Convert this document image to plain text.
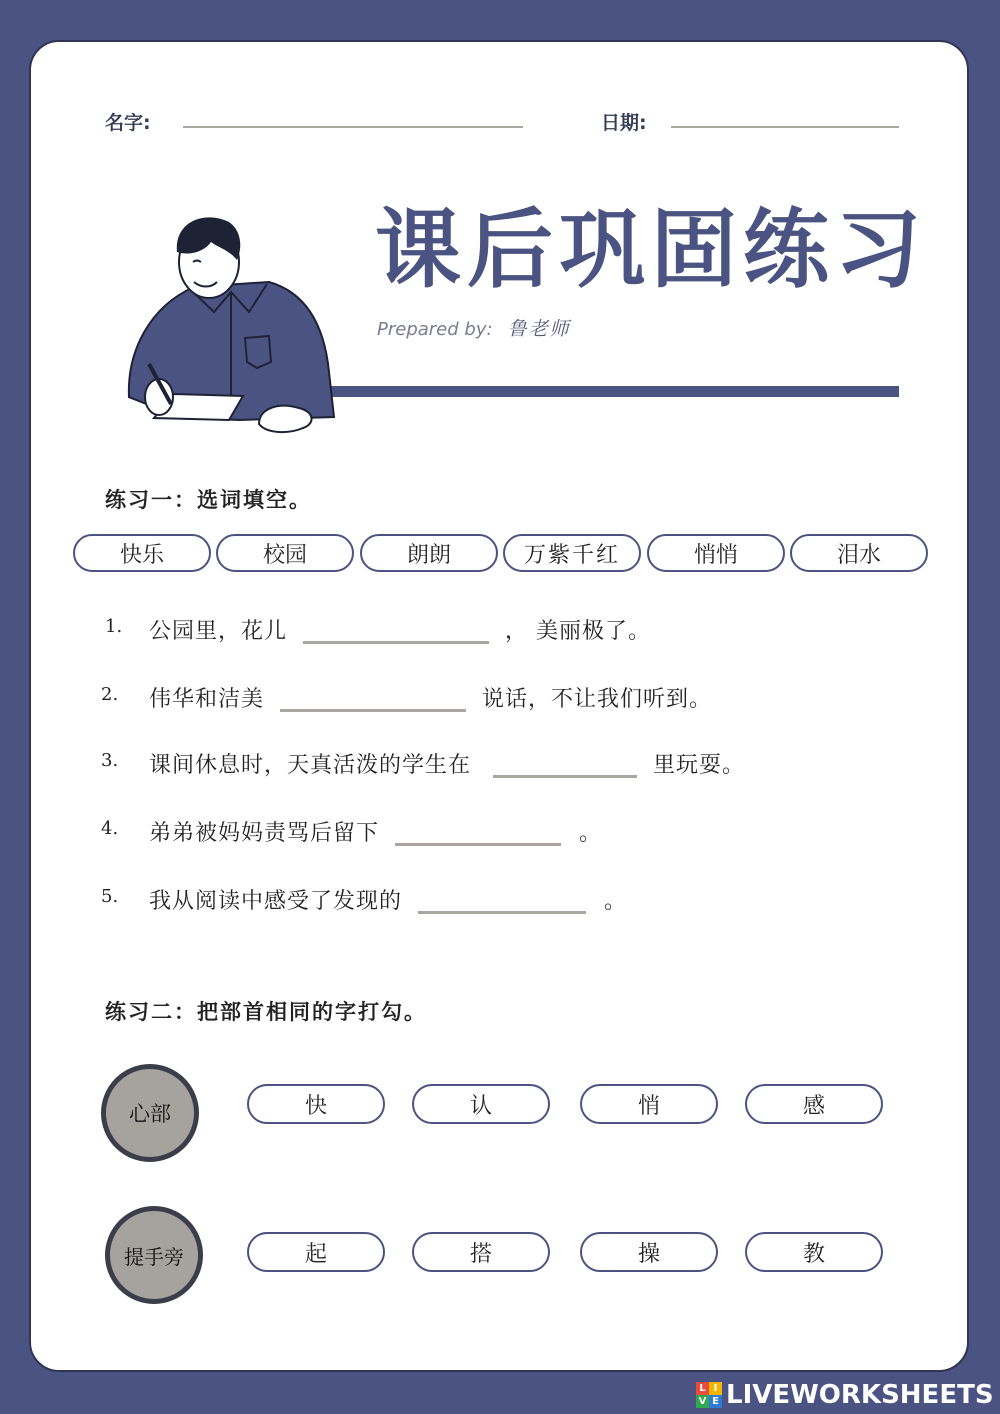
名字:	日期:
课后巩固练习
Prepared by: 鲁老师
练习一：选词填空。
快乐	校园	朗朗	万紫千红	悄悄	泪水
1. 公园里，花儿	， 美丽极了。
2. 伟华和洁美	说话，不让我们听到。
3. 课间休息时，天真活泼的学生在	里玩耍。
4. 弟弟被妈妈责骂后留下	。
5. 我从阅读中感受了发现的	。
练习二：把部首相同的字打勾。
心部	快	认	悄	感
提手旁	起	搭	操	教
L I
V E LIVEWORKSHEETS
